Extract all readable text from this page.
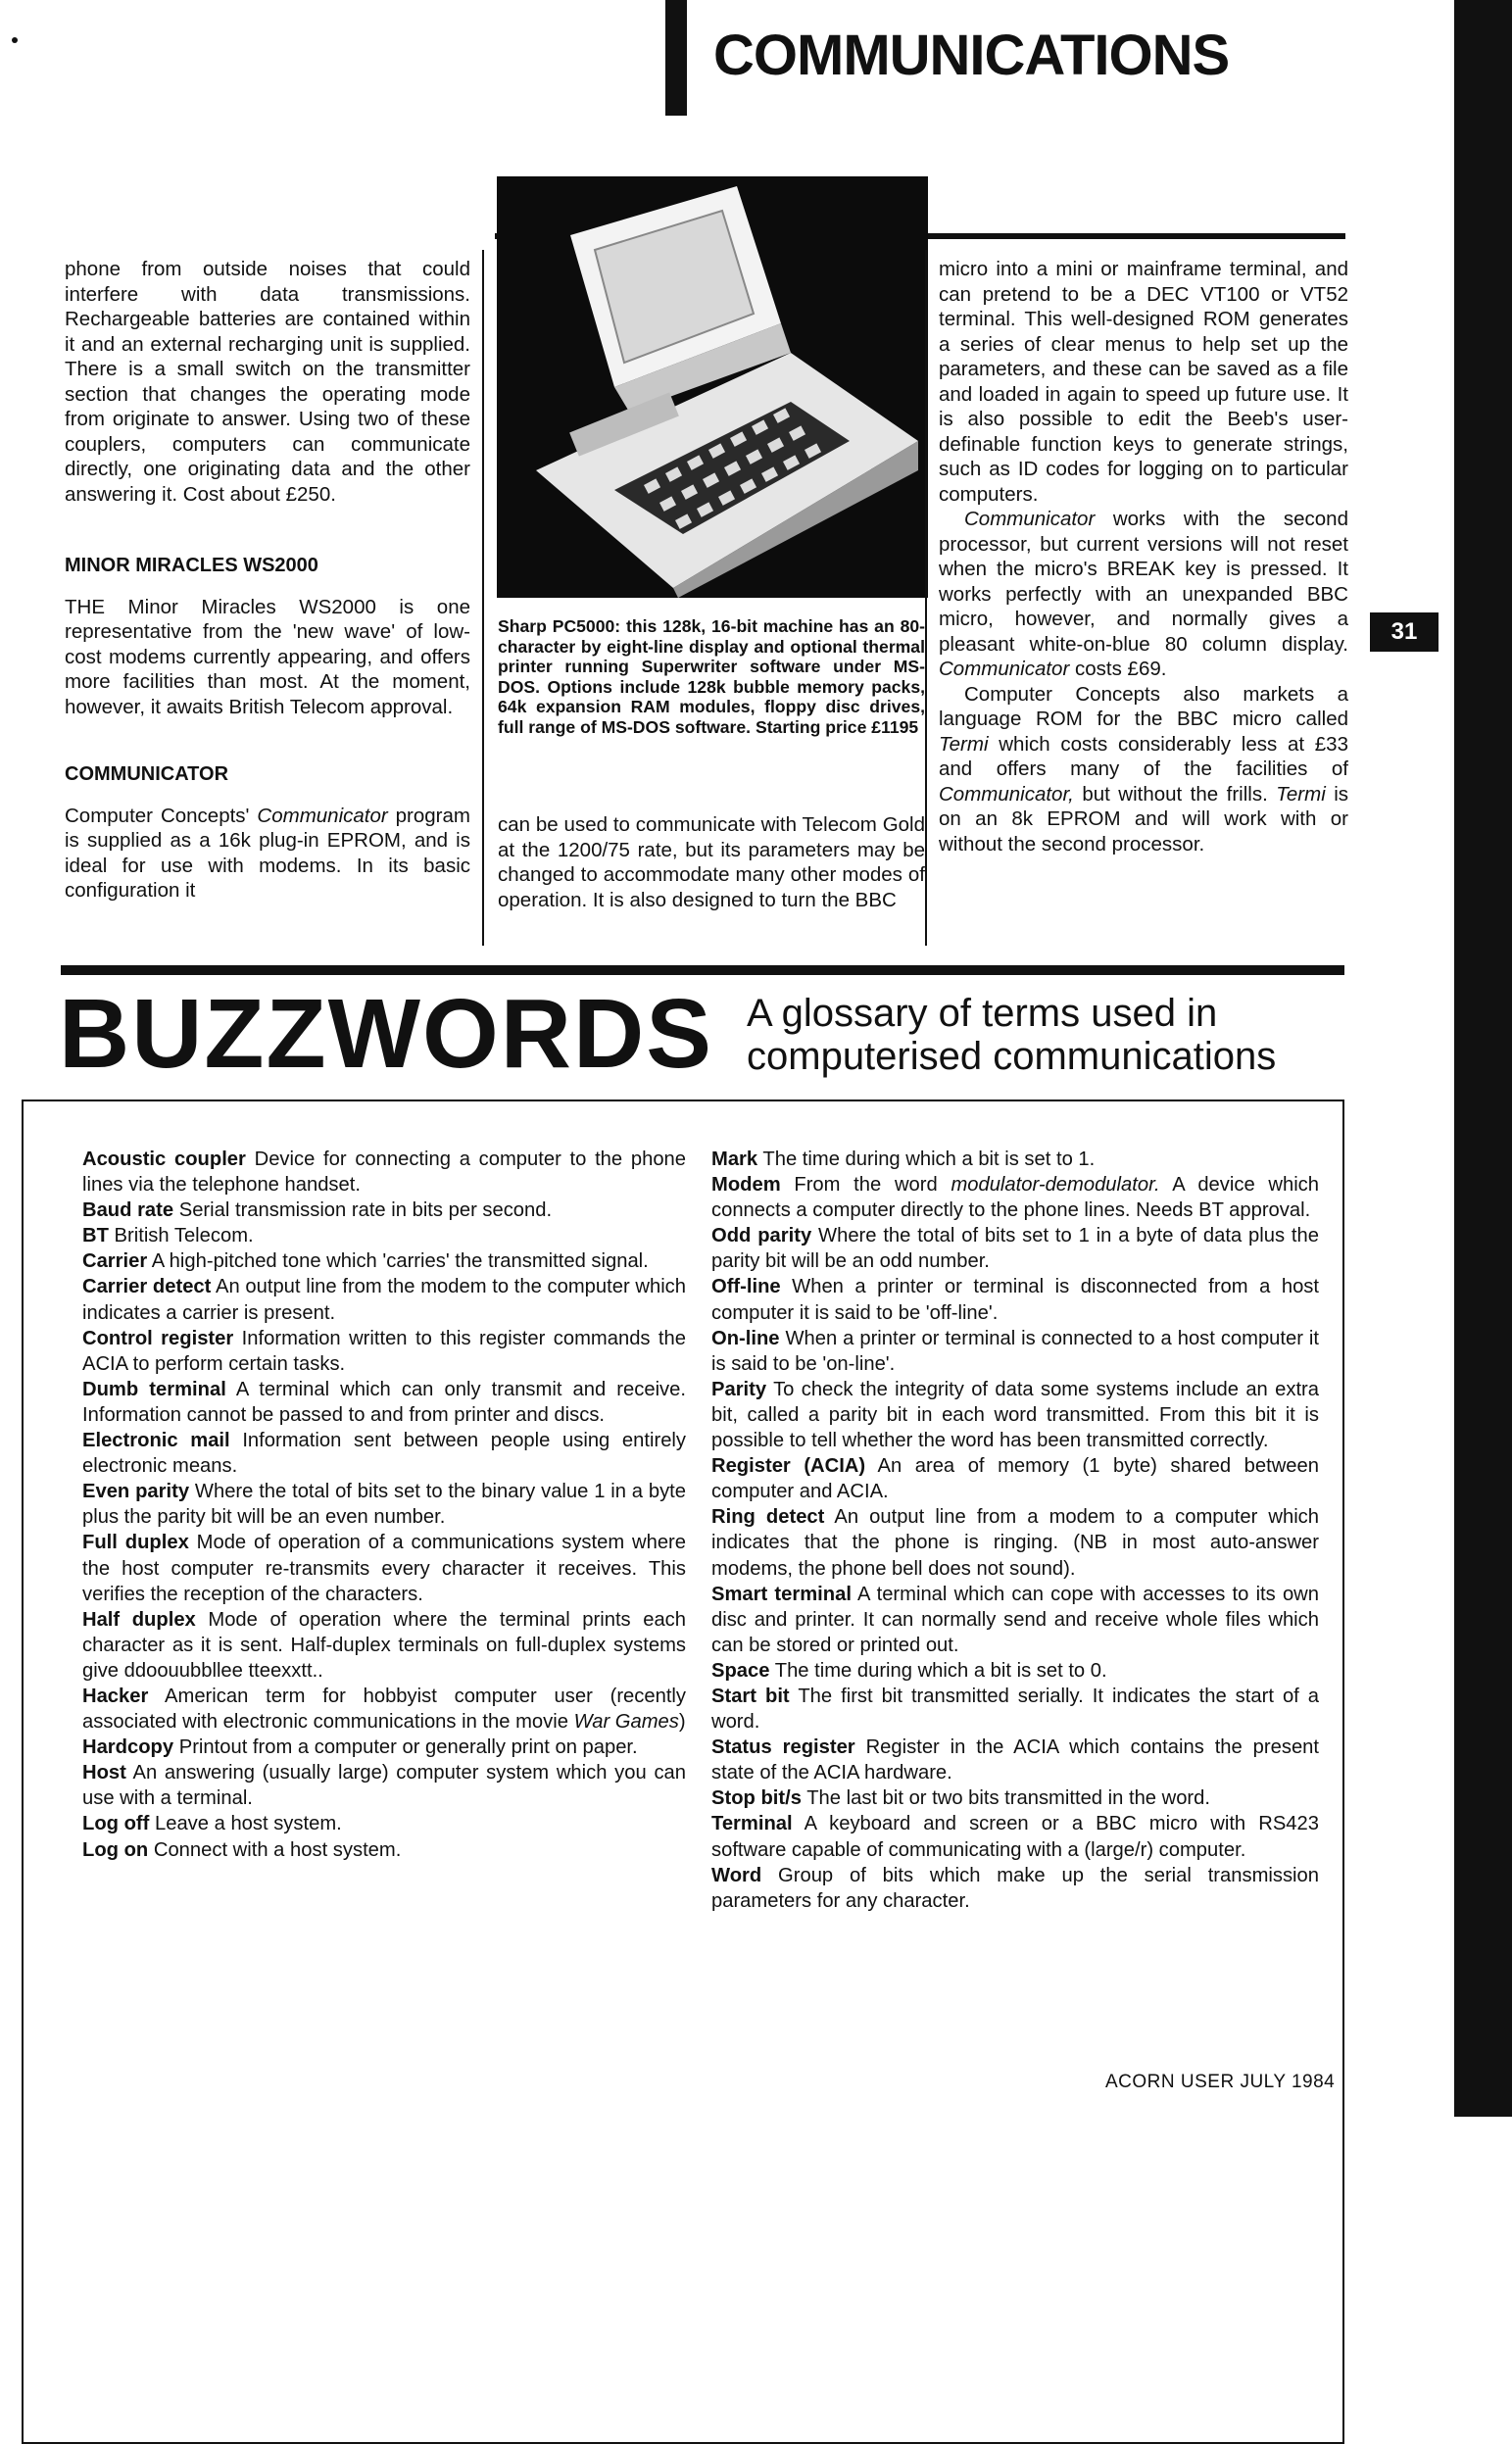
COMMUNICATIONS
31

phone from outside noises that could interfere with data transmissions. Rechargeable batteries are contained within it and an external recharging unit is supplied. There is a small switch on the transmitter section that changes the operating mode from originate to answer. Using two of these couplers, computers can communicate directly, one originating data and the other answering it. Cost about £250.

MINOR MIRACLES WS2000

THE Minor Miracles WS2000 is one representative from the 'new wave' of low-cost modems currently appearing, and offers more facilities than most. At the moment, however, it awaits British Telecom approval.

COMMUNICATOR

Computer Concepts' Communicator program is supplied as a 16k plug-in EPROM, and is ideal for use with modems. In its basic configuration it

Sharp PC5000: this 128k, 16-bit machine has an 80-character by eight-line display and optional thermal printer running Superwriter software under MS-DOS. Options include 128k bubble memory packs, 64k expansion RAM modules, floppy disc drives, full range of MS-DOS software. Starting price £1195

can be used to communicate with Telecom Gold at the 1200/75 rate, but its parameters may be changed to accommodate many other modes of operation. It is also designed to turn the BBC

micro into a mini or mainframe terminal, and can pretend to be a DEC VT100 or VT52 terminal. This well-designed ROM generates a series of clear menus to help set up the parameters, and these can be saved as a file and loaded in again to speed up future use. It is also possible to edit the Beeb's user-definable function keys to generate strings, such as ID codes for logging on to particular computers.

Communicator works with the second processor, but current versions will not reset when the micro's BREAK key is pressed. It works perfectly with an unexpanded BBC micro, however, and normally gives a pleasant white-on-blue 80 column display. Communicator costs £69.

Computer Concepts also markets a language ROM for the BBC micro called Termi which costs considerably less at £33 and offers many of the facilities of Communicator, but without the frills. Termi is on an 8k EPROM and will work with or without the second processor.

BUZZWORDS A glossary of terms used in
computerised communications

Acoustic coupler Device for connecting a computer to the phone lines via the telephone handset.

Baud rate Serial transmission rate in bits per second.

BT British Telecom.

Carrier A high-pitched tone which 'carries' the transmitted signal.

Carrier detect An output line from the modem to the computer which indicates a carrier is present.

Control register Information written to this register commands the ACIA to perform certain tasks.

Dumb terminal A terminal which can only transmit and receive. Information cannot be passed to and from printer and discs.

Electronic mail Information sent between people using entirely electronic means.

Even parity Where the total of bits set to the binary value 1 in a byte plus the parity bit will be an even number.

Full duplex Mode of operation of a communications system where the host computer re-transmits every character it receives. This verifies the reception of the characters.

Half duplex Mode of operation where the terminal prints each character as it is sent. Half-duplex terminals on full-duplex systems give ddoouubbllee tteexxtt..

Hacker American term for hobbyist computer user (recently associated with electronic communications in the movie War Games)

Hardcopy Printout from a computer or generally print on paper.

Host An answering (usually large) computer system which you can use with a terminal.

Log off Leave a host system.

Log on Connect with a host system.

Mark The time during which a bit is set to 1.

Modem From the word modulator-demodulator. A device which connects a computer directly to the phone lines. Needs BT approval.

Odd parity Where the total of bits set to 1 in a byte of data plus the parity bit will be an odd number.

Off-line When a printer or terminal is disconnected from a host computer it is said to be 'off-line'.

On-line When a printer or terminal is connected to a host computer it is said to be 'on-line'.

Parity To check the integrity of data some systems include an extra bit, called a parity bit in each word transmitted. From this bit it is possible to tell whether the word has been transmitted correctly.

Register (ACIA) An area of memory (1 byte) shared between computer and ACIA.

Ring detect An output line from a modem to a computer which indicates that the phone is ringing. (NB in most auto-answer modems, the phone bell does not sound).

Smart terminal A terminal which can cope with accesses to its own disc and printer. It can normally send and receive whole files which can be stored or printed out.

Space The time during which a bit is set to 0.

Start bit The first bit transmitted serially. It indicates the start of a word.

Status register Register in the ACIA which contains the present state of the ACIA hardware.

Stop bit/s The last bit or two bits transmitted in the word.

Terminal A keyboard and screen or a BBC micro with RS423 software capable of communicating with a (large/r) computer.

Word Group of bits which make up the serial transmission parameters for any character.

ACORN USER JULY 1984
